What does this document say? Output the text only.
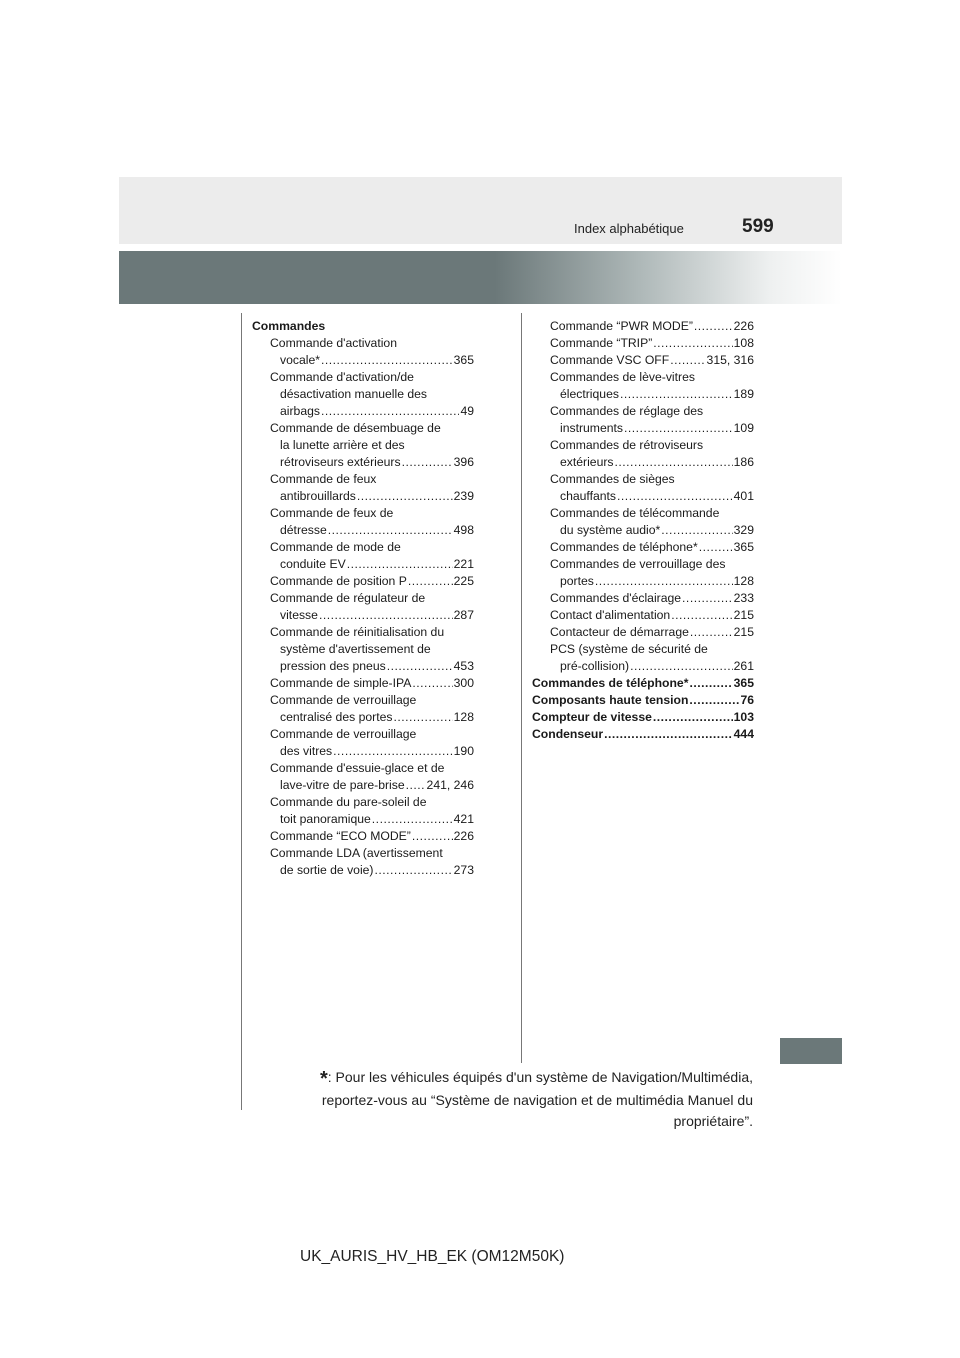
Index alphabétique	599
Commandes
Commande d'activation
vocale* .....	365
Commande d'activation/de
désactivation manuelle des
airbags .....	49
Commande de désembuage de
la lunette arrière et des
rétroviseurs extérieurs .....	396
Commande de feux
antibrouillards .....	239
Commande de feux de
détresse .....	498
Commande de mode de
conduite EV .....	221
Commande de position P .....	225
Commande de régulateur de
vitesse .....	287
Commande de réinitialisation du
système d'avertissement de
pression des pneus .....	453
Commande de simple-IPA .....	300
Commande de verrouillage
centralisé des portes .....	128
Commande de verrouillage
des vitres .....	190
Commande d'essuie-glace et de
lave-vitre de pare-brise ..... 241, 246
Commande du pare-soleil de
toit panoramique .....	421
Commande “ECO MODE” .....	226
Commande LDA (avertissement
de sortie de voie) .....	273
Commande “PWR MODE” .....	226
Commande “TRIP” .....	108
Commande VSC OFF .....	315, 316
Commandes de lève-vitres
électriques .....	189
Commandes de réglage des
instruments .....	109
Commandes de rétroviseurs
extérieurs .....	186
Commandes de sièges
chauffants .....	401
Commandes de télécommande
du système audio* .....	329
Commandes de téléphone* .....	365
Commandes de verrouillage des
portes .....	128
Commandes d'éclairage .....	233
Contact d'alimentation .....	215
Contacteur de démarrage .....	215
PCS (système de sécurité de
pré-collision) .....	261
Commandes de téléphone* .....	365
Composants haute tension .....	76
Compteur de vitesse .....	103
Condenseur .....	444
*: Pour les véhicules équipés d'un système de Navigation/Multimédia, reportez-vous au “Système de navigation et de multimédia Manuel du propriétaire”.
UK_AURIS_HV_HB_EK (OM12M50K)
